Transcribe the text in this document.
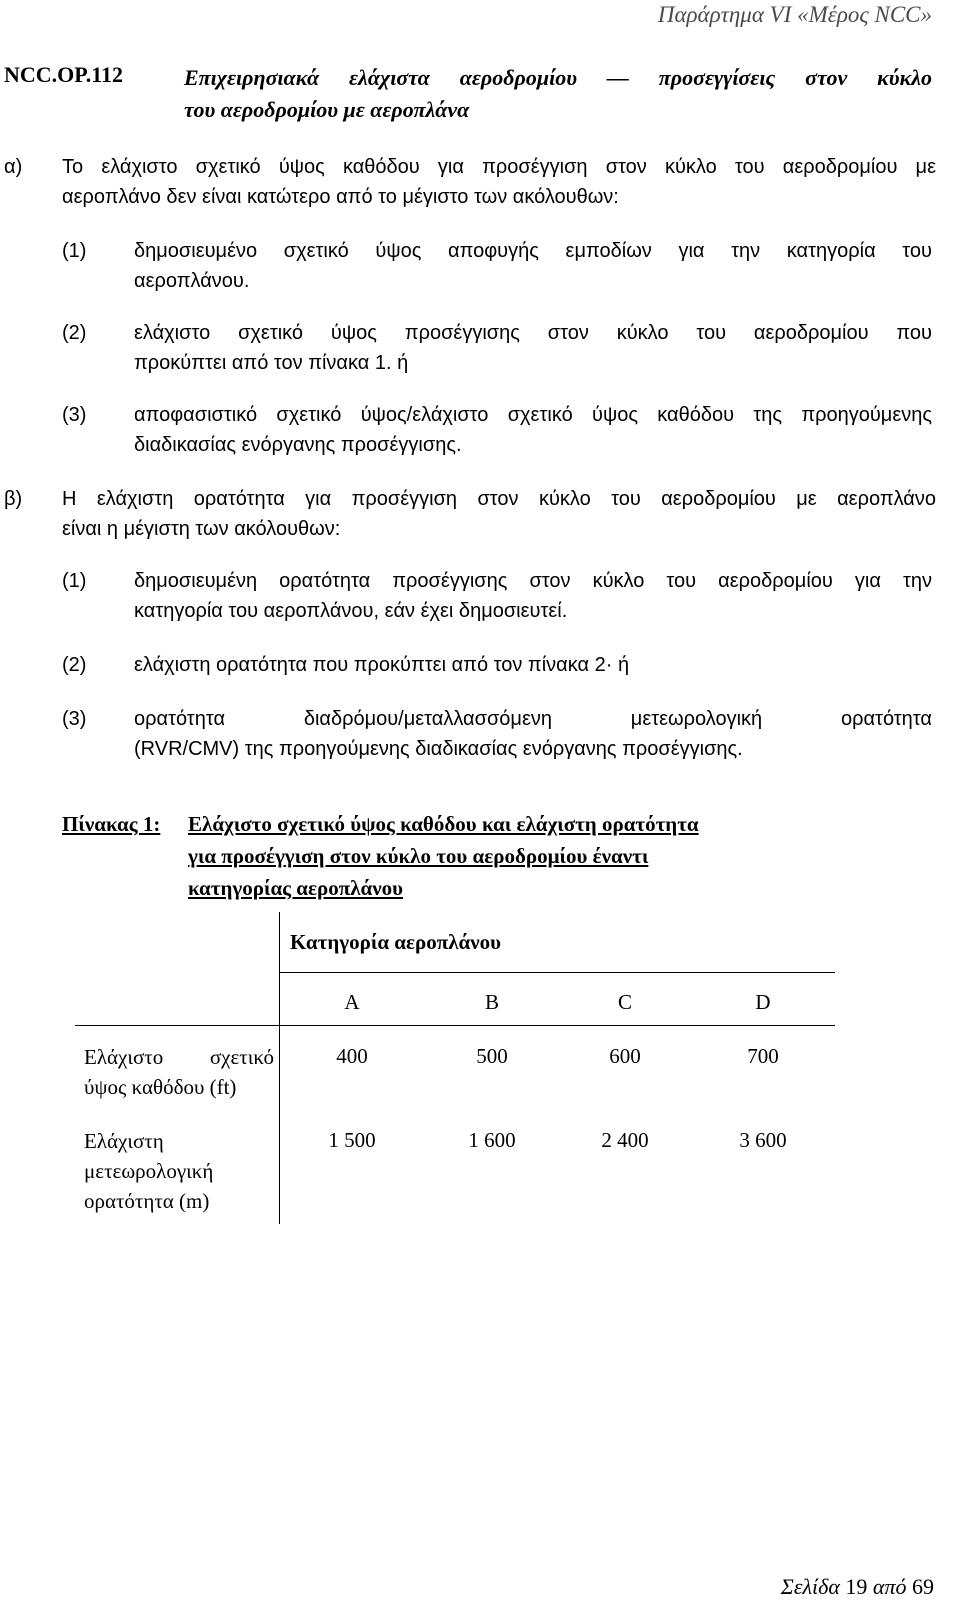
Παράρτημα VI «Μέρος NCC»
NCC.OP.112	Επιχειρησιακά ελάχιστα αεροδρομίου — προσεγγίσεις στον κύκλο
του αεροδρομίου με αεροπλάνα
α) Το ελάχιστο σχετικό ύψος καθόδου για προσέγγιση στον κύκλο του αεροδρομίου με
αεροπλάνο δεν είναι κατώτερο από το μέγιστο των ακόλουθων:
(1) δημοσιευμένο σχετικό ύψος αποφυγής εμποδίων για την κατηγορία του
αεροπλάνου.
(2) ελάχιστο σχετικό ύψος προσέγγισης στον κύκλο του αεροδρομίου που
προκύπτει από τον πίνακα 1. ή
(3) αποφασιστικό σχετικό ύψος/ελάχιστο σχετικό ύψος καθόδου της προηγούμενης
διαδικασίας ενόργανης προσέγγισης.
β) Η ελάχιστη ορατότητα για προσέγγιση στον κύκλο του αεροδρομίου με αεροπλάνο
είναι η μέγιστη των ακόλουθων:
(1) δημοσιευμένη ορατότητα προσέγγισης στον κύκλο του αεροδρομίου για την
κατηγορία του αεροπλάνου, εάν έχει δημοσιευτεί.
(2) ελάχιστη ορατότητα που προκύπτει από τον πίνακα 2· ή
(3) ορατότητα διαδρόμου/μεταλλασσόμενη μετεωρολογική ορατότητα
(RVR/CMV) της προηγούμενης διαδικασίας ενόργανης προσέγγισης.
Πίνακας 1: Ελάχιστο σχετικό ύψος καθόδου και ελάχιστη ορατότητα
για προσέγγιση στον κύκλο του αεροδρομίου έναντι
κατηγορίας αεροπλάνου
Κατηγορία αεροπλάνου
A	B	C	D
Ελάχιστο σχετικό
ύψος καθόδου (ft)
400	500	600	700
Ελάχιστη
μετεωρολογική
ορατότητα (m)
1 500	1 600	2 400	3 600
Σελίδα 19 από 69
